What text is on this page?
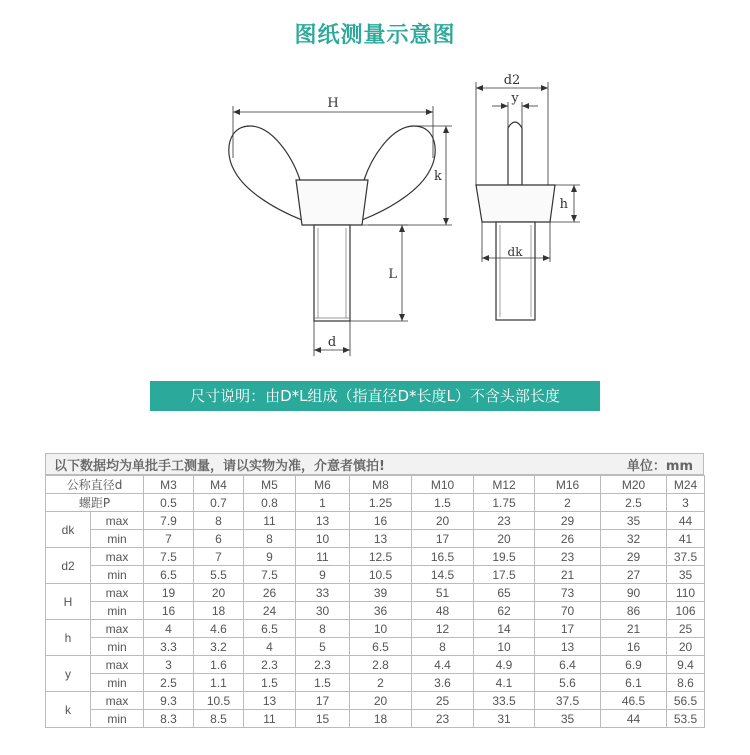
图纸测量示意图
H
k
L
d
d2
y
h
dk
尺寸说明：由D*L组成（指直径D*长度L）不含头部长度
以下数据均为单批手工测量，请以实物为准，介意者慎拍!	单位：mm
公称直径d		M3	M4	M5	M6	M8	M10	M12	M16	M20	M24
螺距P		0.5	0.7	0.8	1	1.25	1.5	1.75	2	2.5	3
dk	max	7.9	8	11	13	16	20	23	29	35	44
	min	7	6	8	10	13	17	20	26	32	41
d2	max	7.5	7	9	11	12.5	16.5	19.5	23	29	37.5
	min	6.5	5.5	7.5	9	10.5	14.5	17.5	21	27	35
H	max	19	20	26	33	39	51	65	73	90	110
	min	16	18	24	30	36	48	62	70	86	106
h	max	4	4.6	6.5	8	10	12	14	17	21	25
	min	3.3	3.2	4	5	6.5	8	10	13	16	20
y	max	3	1.6	2.3	2.3	2.8	4.4	4.9	6.4	6.9	9.4
	min	2.5	1.1	1.5	1.5	2	3.6	4.1	5.6	6.1	8.6
k	max	9.3	10.5	13	17	20	25	33.5	37.5	46.5	56.5
	min	8.3	8.5	11	15	18	23	31	35	44	53.5
